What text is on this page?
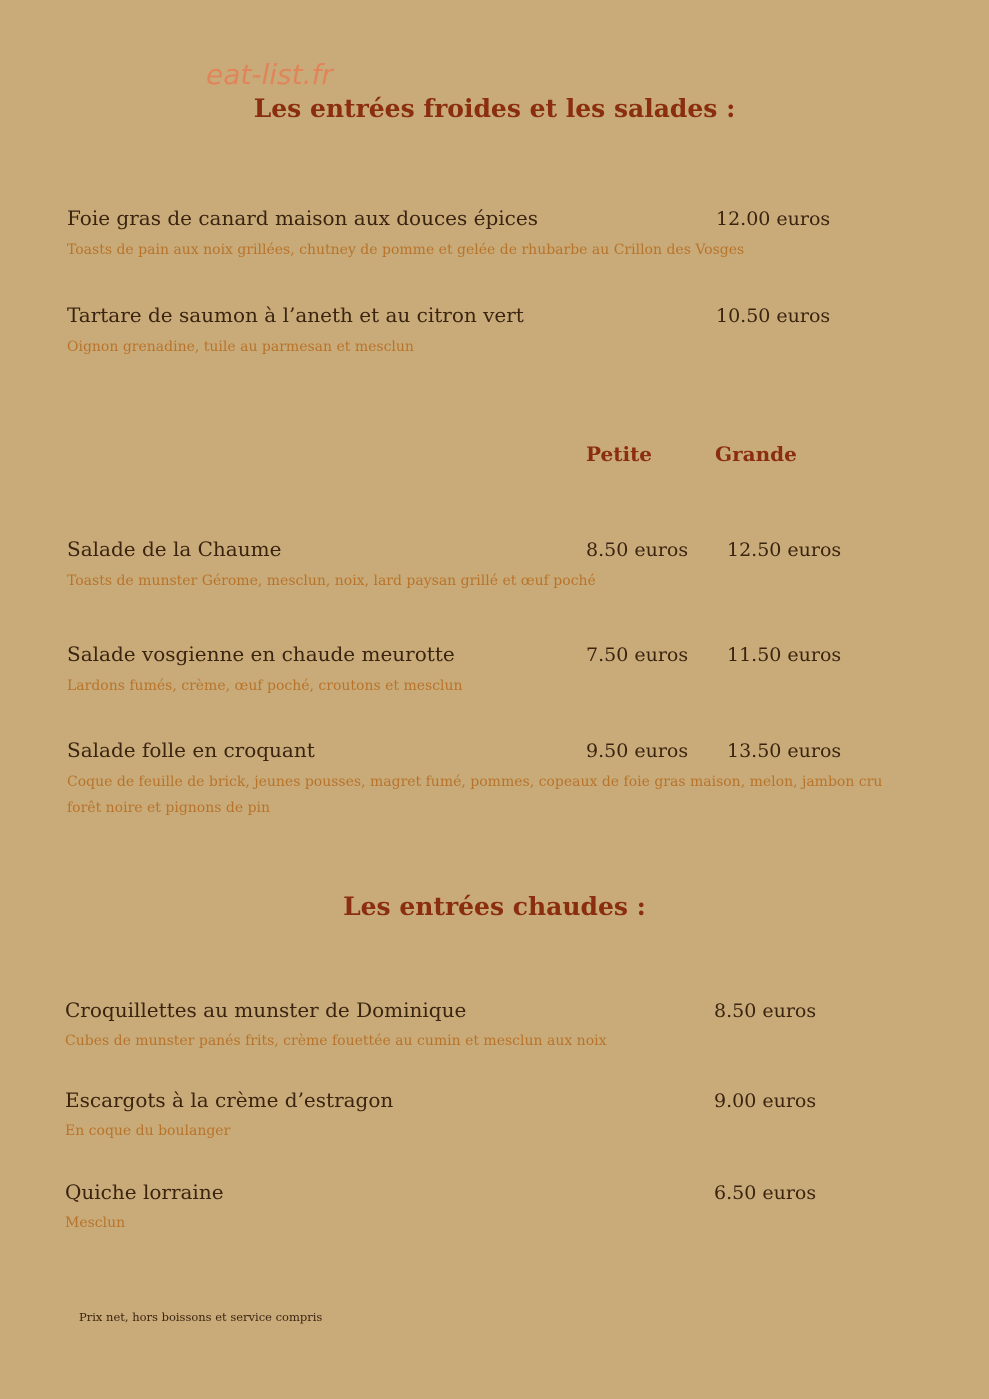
eat-list.fr
Les entrées froides et les salades :
Foie gras de canard maison aux douces épices	12.00 euros
Toasts de pain aux noix grillées, chutney de pomme et gelée de rhubarbe au Crillon des Vosges
Tartare de saumon à l’aneth et au citron vert	10.50 euros
Oignon grenadine, tuile au parmesan et mesclun
Petite	Grande
Salade de la Chaume	8.50 euros 12.50 euros
Toasts de munster Gérome, mesclun, noix, lard paysan grillé et œuf poché
Salade vosgienne en chaude meurotte	7.50 euros 11.50 euros
Lardons fumés, crème, œuf poché, croutons et mesclun
Salade folle en croquant	9.50 euros 13.50 euros
Coque de feuille de brick, jeunes pousses, magret fumé, pommes, copeaux de foie gras maison, melon, jambon cru forêt noire et pignons de pin
Les entrées chaudes :
Croquillettes au munster de Dominique	8.50 euros
Cubes de munster panés frits, crème fouettée au cumin et mesclun aux noix
Escargots à la crème d’estragon	9.00 euros
En coque du boulanger
Quiche lorraine	6.50 euros
Mesclun
Prix net, hors boissons et service compris
